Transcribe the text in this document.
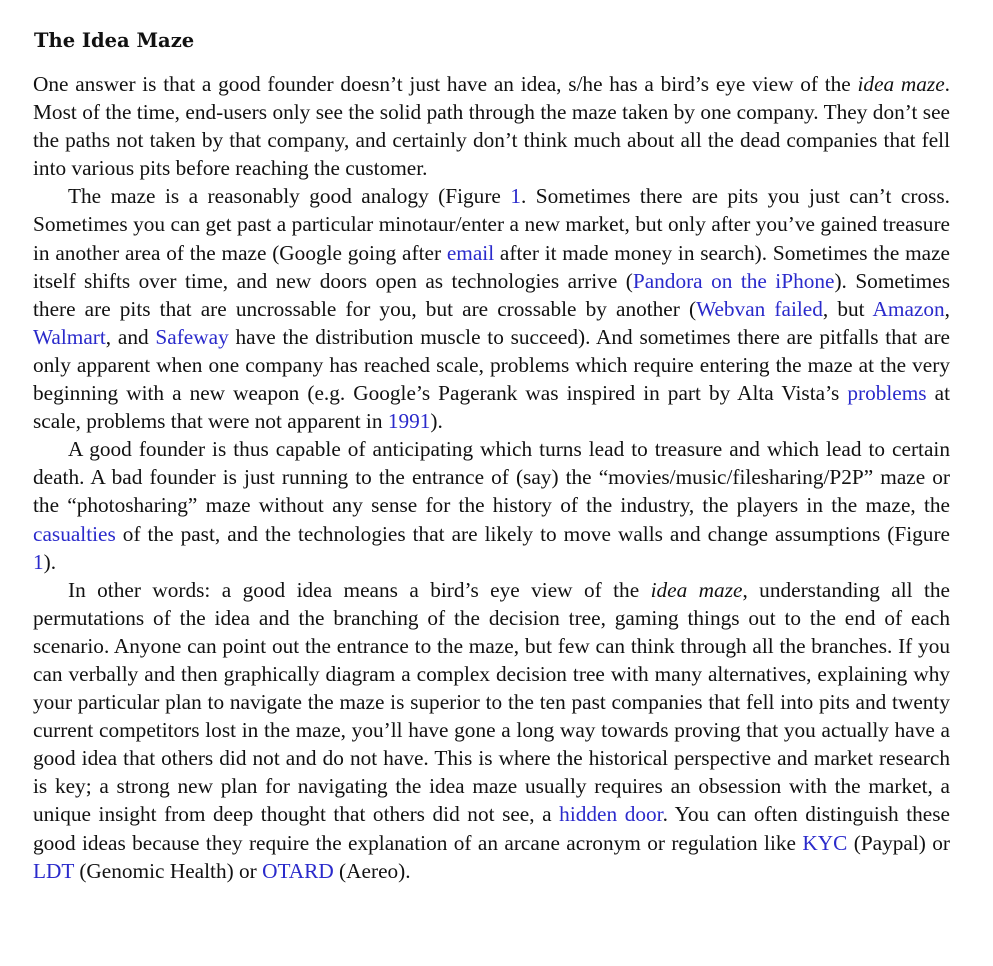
The Idea Maze

One answer is that a good founder doesn’t just have an idea, s/he has a bird’s eye view of the idea maze. Most of the time, end-users only see the solid path through the maze taken by one company. They don’t see the paths not taken by that company, and certainly don’t think much about all the dead companies that fell into various pits before reaching the customer.

The maze is a reasonably good analogy (Figure 1. Sometimes there are pits you just can’t cross. Sometimes you can get past a particular minotaur/enter a new market, but only after you’ve gained treasure in another area of the maze (Google going after email after it made money in search). Sometimes the maze itself shifts over time, and new doors open as technologies arrive (Pandora on the iPhone). Sometimes there are pits that are uncrossable for you, but are crossable by another (Webvan failed, but Amazon, Walmart, and Safeway have the distribution muscle to succeed). And sometimes there are pitfalls that are only apparent when one company has reached scale, problems which require entering the maze at the very beginning with a new weapon (e.g. Google’s Pagerank was inspired in part by Alta Vista’s problems at scale, problems that were not apparent in 1991).

A good founder is thus capable of anticipating which turns lead to treasure and which lead to certain death. A bad founder is just running to the entrance of (say) the “movies/music/filesharing/P2P” maze or the “photosharing” maze without any sense for the history of the industry, the players in the maze, the casualties of the past, and the technologies that are likely to move walls and change assumptions (Figure 1).

In other words: a good idea means a bird’s eye view of the idea maze, understanding all the permutations of the idea and the branching of the decision tree, gaming things out to the end of each scenario. Anyone can point out the entrance to the maze, but few can think through all the branches. If you can verbally and then graphically diagram a complex decision tree with many alternatives, explaining why your particular plan to navigate the maze is superior to the ten past companies that fell into pits and twenty current competitors lost in the maze, you’ll have gone a long way towards proving that you actually have a good idea that others did not and do not have. This is where the historical perspective and market research is key; a strong new plan for navigating the idea maze usually requires an obsession with the market, a unique insight from deep thought that others did not see, a hidden door. You can often distinguish these good ideas because they require the explanation of an arcane acronym or regulation like KYC (Paypal) or LDT (Genomic Health) or OTARD (Aereo).
